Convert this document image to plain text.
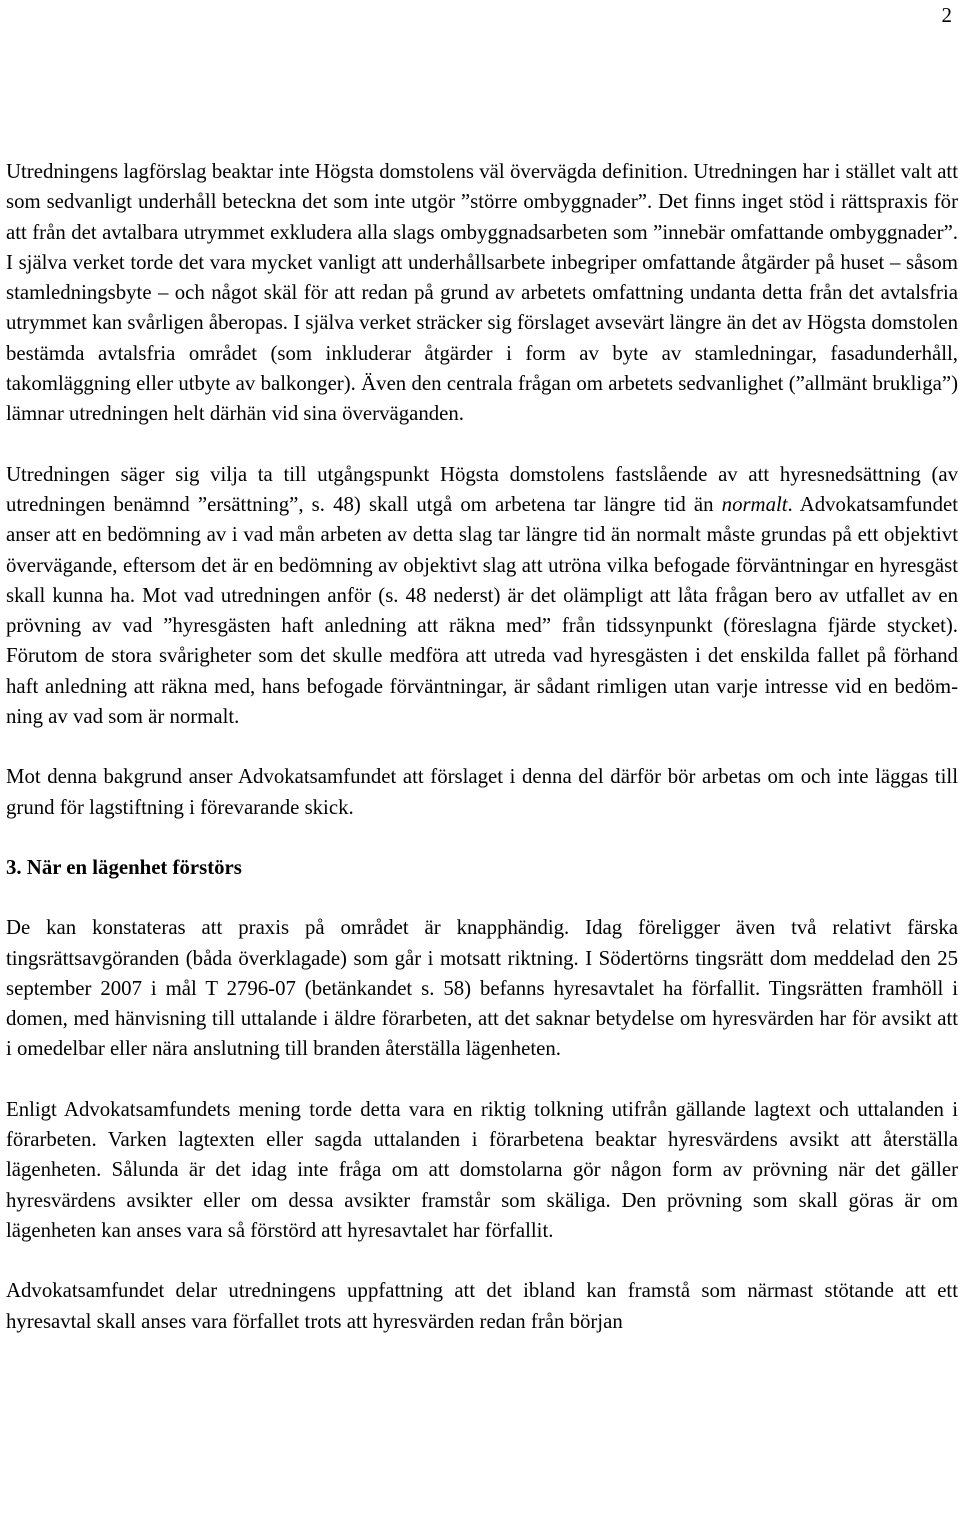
2

Utredningens lagförslag beaktar inte Högsta domstolens väl övervägda definition. Utredningen har i stället valt att som sedvanligt underhåll beteckna det som inte utgör ”större ombyggnader”. Det finns inget stöd i rättspraxis för att från det avtalbara utrymmet exkludera alla slags ombyggnadsarbeten som ”innebär omfattande ombyggnader”. I själva verket torde det vara mycket vanligt att underhållsarbete inbegriper omfattande åtgärder på huset – såsom stamledningsbyte – och något skäl för att redan på grund av arbetets omfattning undanta detta från det avtalsfria utrymmet kan svårligen åberopas. I själva verket sträcker sig förslaget avsevärt längre än det av Högsta domstolen bestämda avtalsfria området (som inkluderar åtgärder i form av byte av stamledningar, fasadunderhåll, takomläggning eller utbyte av balkonger). Även den centrala frågan om arbetets sedvanlighet (”allmänt brukliga”) lämnar utredningen helt därhän vid sina överväganden.

Utredningen säger sig vilja ta till utgångspunkt Högsta domstolens fastslående av att hyresnedsättning (av utredningen benämnd ”ersättning”, s. 48) skall utgå om arbetena tar längre tid än normalt. Advokatsamfundet anser att en bedömning av i vad mån arbeten av detta slag tar längre tid än normalt måste grundas på ett objektivt övervägande, eftersom det är en bedömning av objektivt slag att utröna vilka befogade förväntningar en hyresgäst skall kunna ha. Mot vad utredningen anför (s. 48 nederst) är det olämpligt att låta frågan bero av utfallet av en prövning av vad ”hyresgästen haft anledning att räkna med” från tidssynpunkt (föreslagna fjärde stycket). Förutom de stora svårigheter som det skulle medföra att utreda vad hyresgästen i det enskilda fallet på förhand haft anledning att räkna med, hans befogade förväntningar, är sådant rimligen utan varje intresse vid en bedömning av vad som är normalt.

Mot denna bakgrund anser Advokatsamfundet att förslaget i denna del därför bör arbetas om och inte läggas till grund för lagstiftning i förevarande skick.

3. När en lägenhet förstörs

De kan konstateras att praxis på området är knapphändig. Idag föreligger även två relativt färska tingsrättsavgöranden (båda överklagade) som går i motsatt riktning. I Södertörns tingsrätt dom meddelad den 25 september 2007 i mål T 2796-07 (betänkandet s. 58) befanns hyresavtalet ha förfallit. Tingsrätten framhöll i domen, med hänvisning till uttalande i äldre förarbeten, att det saknar betydelse om hyresvärden har för avsikt att i omedelbar eller nära anslutning till branden återställa lägenheten.

Enligt Advokatsamfundets mening torde detta vara en riktig tolkning utifrån gällande lagtext och uttalanden i förarbeten. Varken lagtexten eller sagda uttalanden i förarbetena beaktar hyresvärdens avsikt att återställa lägenheten. Sålunda är det idag inte fråga om att domstolarna gör någon form av prövning när det gäller hyresvärdens avsikter eller om dessa avsikter framstår som skäliga. Den prövning som skall göras är om lägenheten kan anses vara så förstörd att hyresavtalet har förfallit.

Advokatsamfundet delar utredningens uppfattning att det ibland kan framstå som närmast stötande att ett hyresavtal skall anses vara förfallet trots att hyresvärden redan från början
